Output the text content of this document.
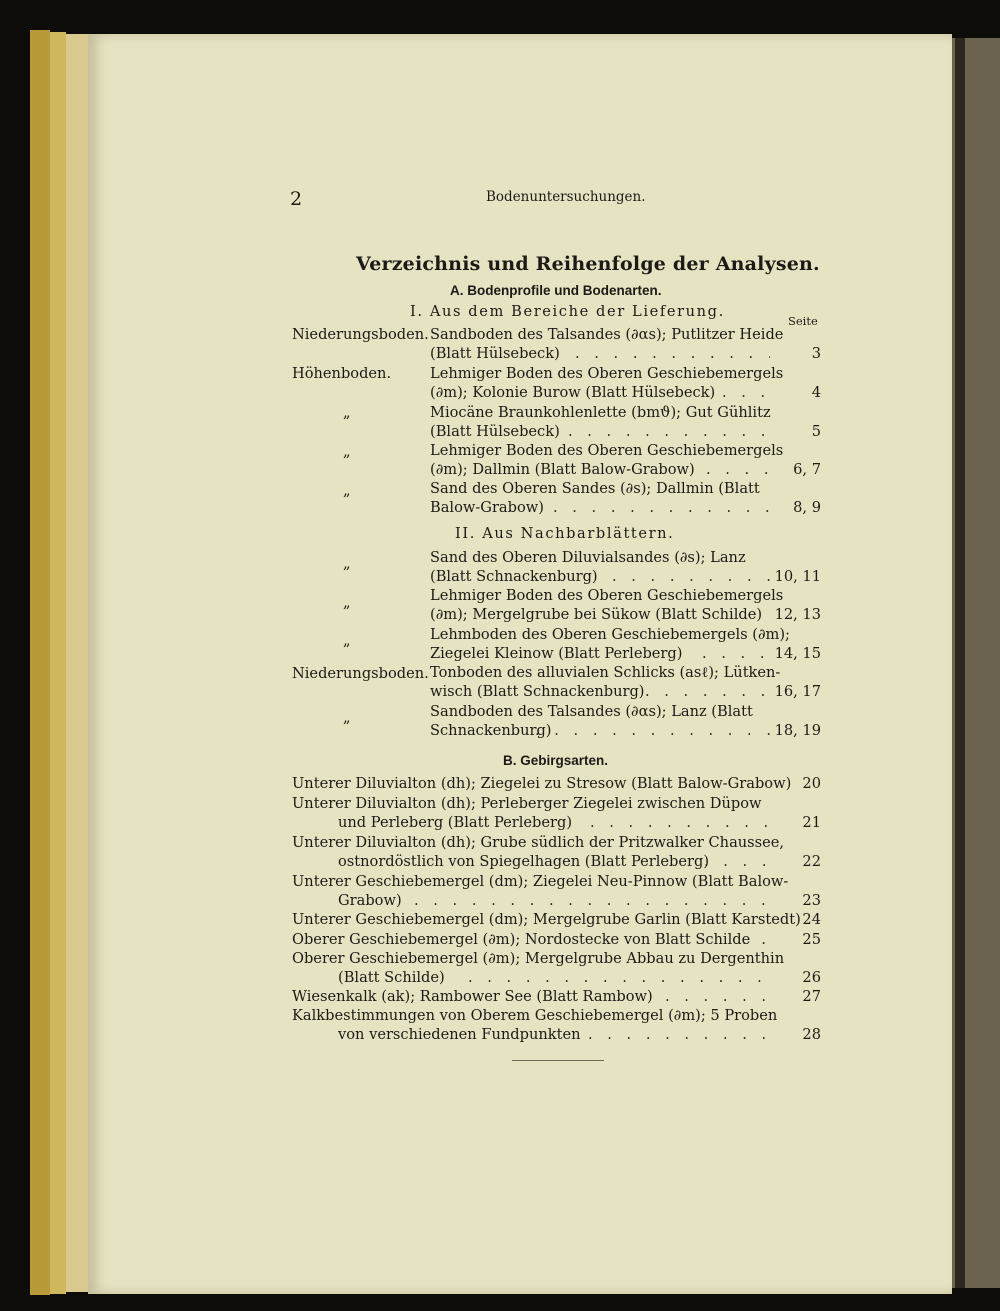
2	Bodenuntersuchungen.
Verzeichnis und Reihenfolge der Analysen.
A. Bodenprofile und Bodenarten.
I. Aus dem Bereiche der Lieferung.
Seite
Niederungsboden. Sandboden des Talsandes (∂αs); Putlitzer Heide
(Blatt Hülsebeck) . . .	3
Höhenboden.	Lehmiger Boden des Oberen Geschiebemergels
(∂m); Kolonie Burow (Blatt Hülsebeck) . . .	4
„	Miocäne Braunkohlenlette (bmϑ); Gut Gühlitz
(Blatt Hülsebeck) . . .	5
„	Lehmiger Boden des Oberen Geschiebemergels
(∂m); Dallmin (Blatt Balow-Grabow) . . .	6, 7
„	Sand des Oberen Sandes (∂s); Dallmin (Blatt
Balow-Grabow) . . .	8, 9
II. Aus Nachbarblättern.
„	Sand des Oberen Diluvialsandes (∂s); Lanz
(Blatt Schnackenburg) . . .	10, 11
„	Lehmiger Boden des Oberen Geschiebemergels
(∂m); Mergelgrube bei Sükow (Blatt Schilde) 12, 13
„	Lehmboden des Oberen Geschiebemergels (∂m);
Ziegelei Kleinow (Blatt Perleberg) . . .	14, 15
Niederungsboden. Tonboden des alluvialen Schlicks (asℓ); Lütken-
wisch (Blatt Schnackenburg) . . .	16, 17
„	Sandboden des Talsandes (∂αs); Lanz (Blatt
Schnackenburg) . . .	18, 19
B. Gebirgsarten.
Unterer Diluvialton (dh); Ziegelei zu Stresow (Blatt Balow-Grabow) 20
Unterer Diluvialton (dh); Perleberger Ziegelei zwischen Düpow
und Perleberg (Blatt Perleberg) . . .	21
Unterer Diluvialton (dh); Grube südlich der Pritzwalker Chaussee,
ostnordöstlich von Spiegelhagen (Blatt Perleberg) . . .	22
Unterer Geschiebemergel (dm); Ziegelei Neu-Pinnow (Blatt Balow-
Grabow) . . .	23
Unterer Geschiebemergel (dm); Mergelgrube Garlin (Blatt Karstedt) 24
Oberer Geschiebemergel (∂m); Nordostecke von Blatt Schilde . . .	25
Oberer Geschiebemergel (∂m); Mergelgrube Abbau zu Dergenthin
(Blatt Schilde) . . .	26
Wiesenkalk (ak); Rambower See (Blatt Rambow) . . .	27
Kalkbestimmungen von Oberem Geschiebemergel (∂m); 5 Proben
von verschiedenen Fundpunkten . . .	28
